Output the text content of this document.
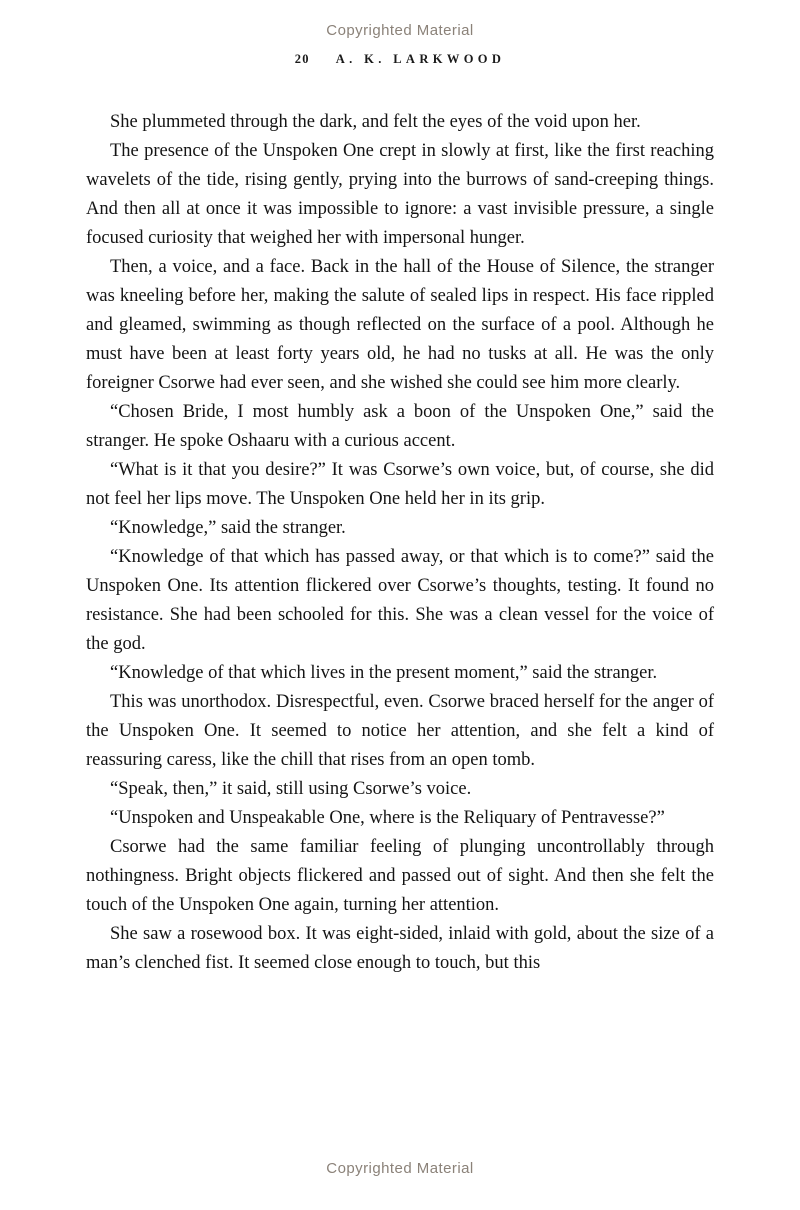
Copyrighted Material
20 A. K. LARKWOOD

She plummeted through the dark, and felt the eyes of the void upon her.

The presence of the Unspoken One crept in slowly at first, like the first reaching wavelets of the tide, rising gently, prying into the burrows of sand-creeping things. And then all at once it was impossible to ignore: a vast invisible pressure, a single focused curiosity that weighed her with impersonal hunger.

Then, a voice, and a face. Back in the hall of the House of Silence, the stranger was kneeling before her, making the salute of sealed lips in respect. His face rippled and gleamed, swimming as though reflected on the surface of a pool. Although he must have been at least forty years old, he had no tusks at all. He was the only foreigner Csorwe had ever seen, and she wished she could see him more clearly.

“Chosen Bride, I most humbly ask a boon of the Unspoken One,” said the stranger. He spoke Oshaaru with a curious accent.

“What is it that you desire?” It was Csorwe’s own voice, but, of course, she did not feel her lips move. The Unspoken One held her in its grip.

“Knowledge,” said the stranger.

“Knowledge of that which has passed away, or that which is to come?” said the Unspoken One. Its attention flickered over Csorwe’s thoughts, testing. It found no resistance. She had been schooled for this. She was a clean vessel for the voice of the god.

“Knowledge of that which lives in the present moment,” said the stranger.

This was unorthodox. Disrespectful, even. Csorwe braced herself for the anger of the Unspoken One. It seemed to notice her attention, and she felt a kind of reassuring caress, like the chill that rises from an open tomb.

“Speak, then,” it said, still using Csorwe’s voice.

“Unspoken and Unspeakable One, where is the Reliquary of Pentravesse?”

Csorwe had the same familiar feeling of plunging uncontrollably through nothingness. Bright objects flickered and passed out of sight. And then she felt the touch of the Unspoken One again, turning her attention.

She saw a rosewood box. It was eight-sided, inlaid with gold, about the size of a man’s clenched fist. It seemed close enough to touch, but this

Copyrighted Material
